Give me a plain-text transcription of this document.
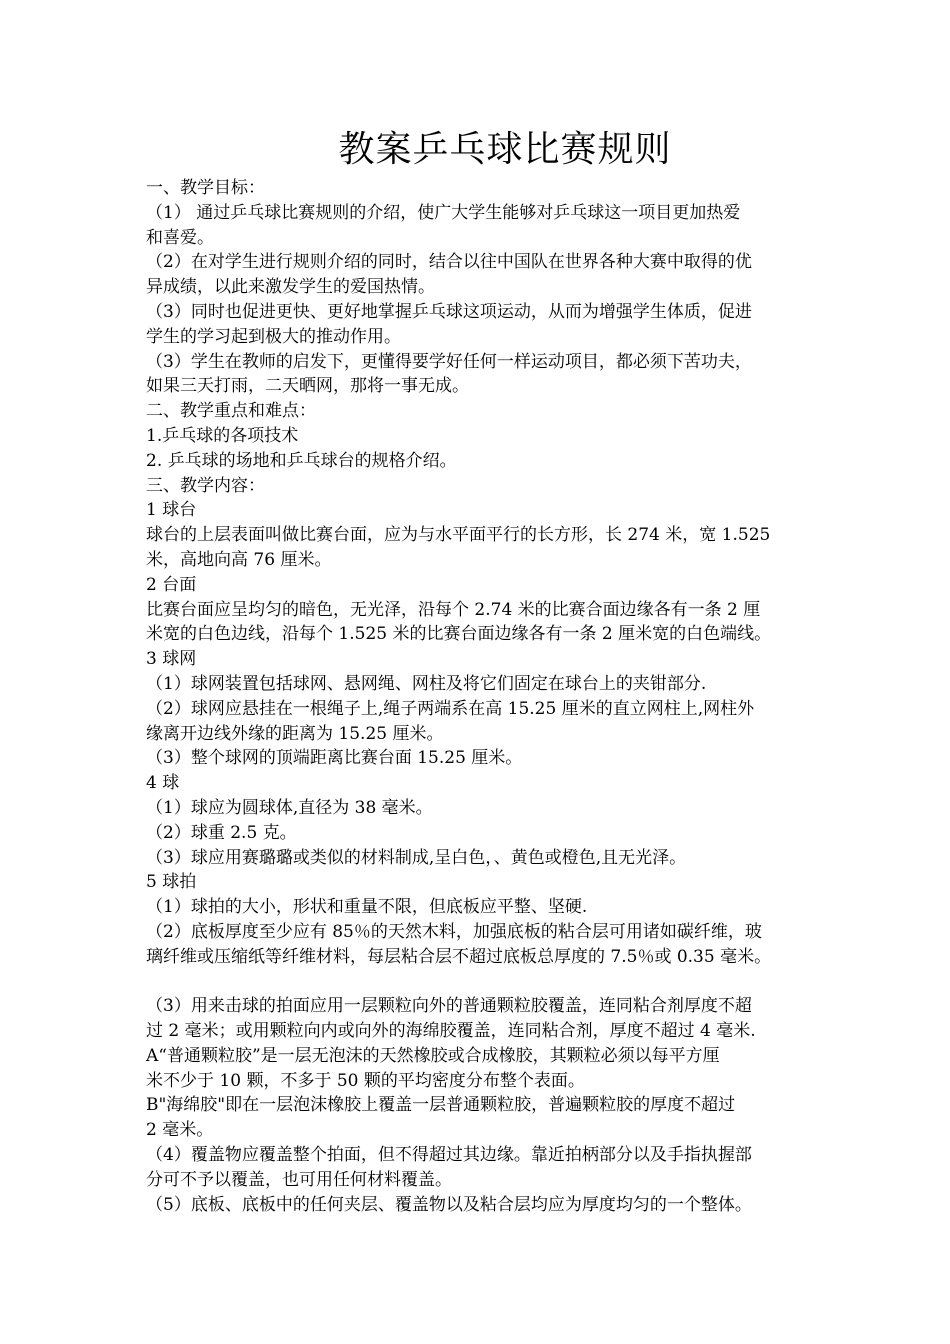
教案乒乓球比赛规则
一、教学目标：
（1） 通过乒乓球比赛规则的介绍，使广大学生能够对乒乓球这一项目更加热爱
和喜爱。
（2）在对学生进行规则介绍的同时，结合以往中国队在世界各种大赛中取得的优
异成绩，以此来激发学生的爱国热情。
（3）同时也促进更快、更好地掌握乒乓球这项运动，从而为增强学生体质，促进
学生的学习起到极大的推动作用。
（3）学生在教师的启发下，更懂得要学好任何一样运动项目，都必须下苦功夫，
如果三天打雨，二天晒网，那将一事无成。
二、教学重点和难点：
1.乒乓球的各项技术
2. 乒乓球的场地和乒乓球台的规格介绍。
三、教学内容：
1 球台
球台的上层表面叫做比赛台面，应为与水平面平行的长方形，长 274 米，宽 1.525
米，高地向高 76 厘米。
2 台面
比赛台面应呈均匀的暗色，无光泽，沿每个 2.74 米的比赛合面边缘各有一条 2 厘
米宽的白色边线，沿每个 1.525 米的比赛台面边缘各有一条 2 厘米宽的白色端线。
3 球网
（1）球网装置包括球网、悬网绳、网柱及将它们固定在球台上的夹钳部分.
（2）球网应悬挂在一根绳子上,绳子两端系在高 15.25 厘米的直立网柱上,网柱外
缘离开边线外缘的距离为 15.25 厘米。
（3）整个球网的顶端距离比赛台面 15.25 厘米。
4 球
（1）球应为圆球体,直径为 38 毫米。
（2）球重 2.5 克。
（3）球应用赛璐璐或类似的材料制成,呈白色，、黄色或橙色,且无光泽。
5 球拍
（1）球拍的大小，形状和重量不限，但底板应平整、坚硬.
（2）底板厚度至少应有 85％的天然木料，加强底板的粘合层可用诸如碳纤维，玻
璃纤维或压缩纸等纤维材料，每层粘合层不超过底板总厚度的 7.5％或 0.35 毫米。
（3）用来击球的拍面应用一层颗粒向外的普通颗粒胶覆盖，连同粘合剂厚度不超
过 2 毫米；或用颗粒向内或向外的海绵胶覆盖，连同粘合剂，厚度不超过 4 毫米.
A“普通颗粒胶”是一层无泡沫的天然橡胶或合成橡胶，其颗粒必须以每平方厘
米不少于 10 颗，不多于 50 颗的平均密度分布整个表面。
B"海绵胶"即在一层泡沫橡胶上覆盖一层普通颗粒胶，普遍颗粒胶的厚度不超过
2 毫米。
（4）覆盖物应覆盖整个拍面，但不得超过其边缘。靠近拍柄部分以及手指执握部
分可不予以覆盖，也可用任何材料覆盖。
（5）底板、底板中的任何夹层、覆盖物以及粘合层均应为厚度均匀的一个整体。
